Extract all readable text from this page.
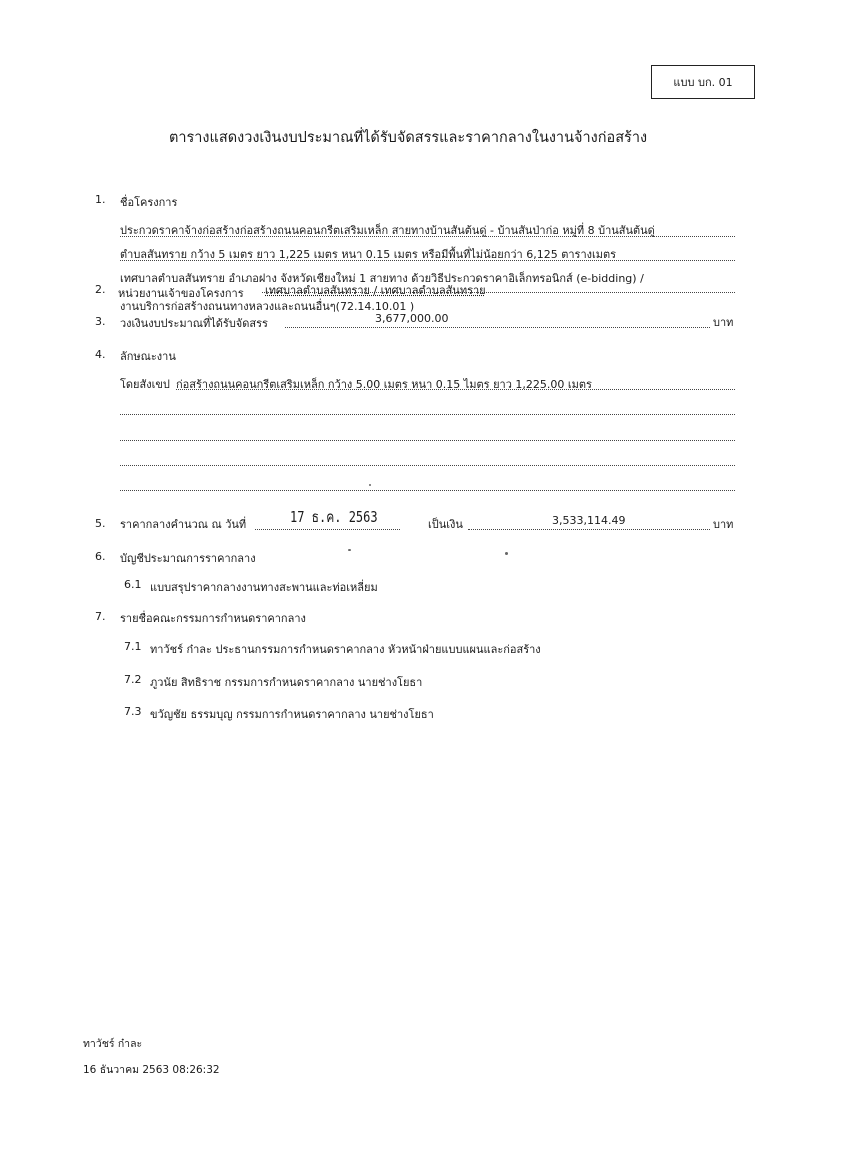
แบบ บก. 01
ตารางแสดงวงเงินงบประมาณที่ได้รับจัดสรรและราคากลางในงานจ้างก่อสร้าง
1. ชื่อโครงการ
ประกวดราคาจ้างก่อสร้างก่อสร้างถนนคอนกรีตเสริมเหล็ก สายทางบ้านสันต้นดู่ - บ้านสันป่าก่อ หมู่ที่ 8 บ้านสันต้นดู่
ตำบลสันทราย กว้าง 5 เมตร ยาว 1,225 เมตร หนา 0.15 เมตร หรือมีพื้นที่ไม่น้อยกว่า 6,125 ตารางเมตร
เทศบาลตำบลสันทราย อำเภอฝาง จังหวัดเชียงใหม่ 1 สายทาง ด้วยวิธีประกวดราคาอิเล็กทรอนิกส์ (e-bidding) /
2. หน่วยงานเจ้าของโครงการ เทศบาลตำบลสันทราย / เทศบาลตำบลสันทราย
งานบริการก่อสร้างถนนทางหลวงและถนนอื่นๆ(72.14.10.01 )
3. วงเงินงบประมาณที่ได้รับจัดสรร	3,677,000.00	บาท
4. ลักษณะงาน
โดยสังเขป ก่อสร้างถนนคอนกรีตเสริมเหล็ก กว้าง 5.00 เมตร หนา 0.15 ไมตร ยาว 1,225.00 เมตร
5. ราคากลางคำนวณ ณ วันที่	17 ธ.ค. 2563	เป็นเงิน	3,533,114.49	บาท
6. บัญชีประมาณการราคากลาง
6.1 แบบสรุปราคากลางงานทางสะพานและท่อเหลี่ยม
7. รายชื่อคณะกรรมการกำหนดราคากลาง
7.1 ทาวัชร์ ก๋าละ ประธานกรรมการกำหนดราคากลาง หัวหน้าฝ่ายแบบแผนและก่อสร้าง
7.2 ภูวนัย สิทธิราช กรรมการกำหนดราคากลาง นายช่างโยธา
7.3 ขวัญชัย ธรรมบุญ กรรมการกำหนดราคากลาง นายช่างโยธา
ทาวัชร์ ก๋าละ
16 ธันวาคม 2563 08:26:32
